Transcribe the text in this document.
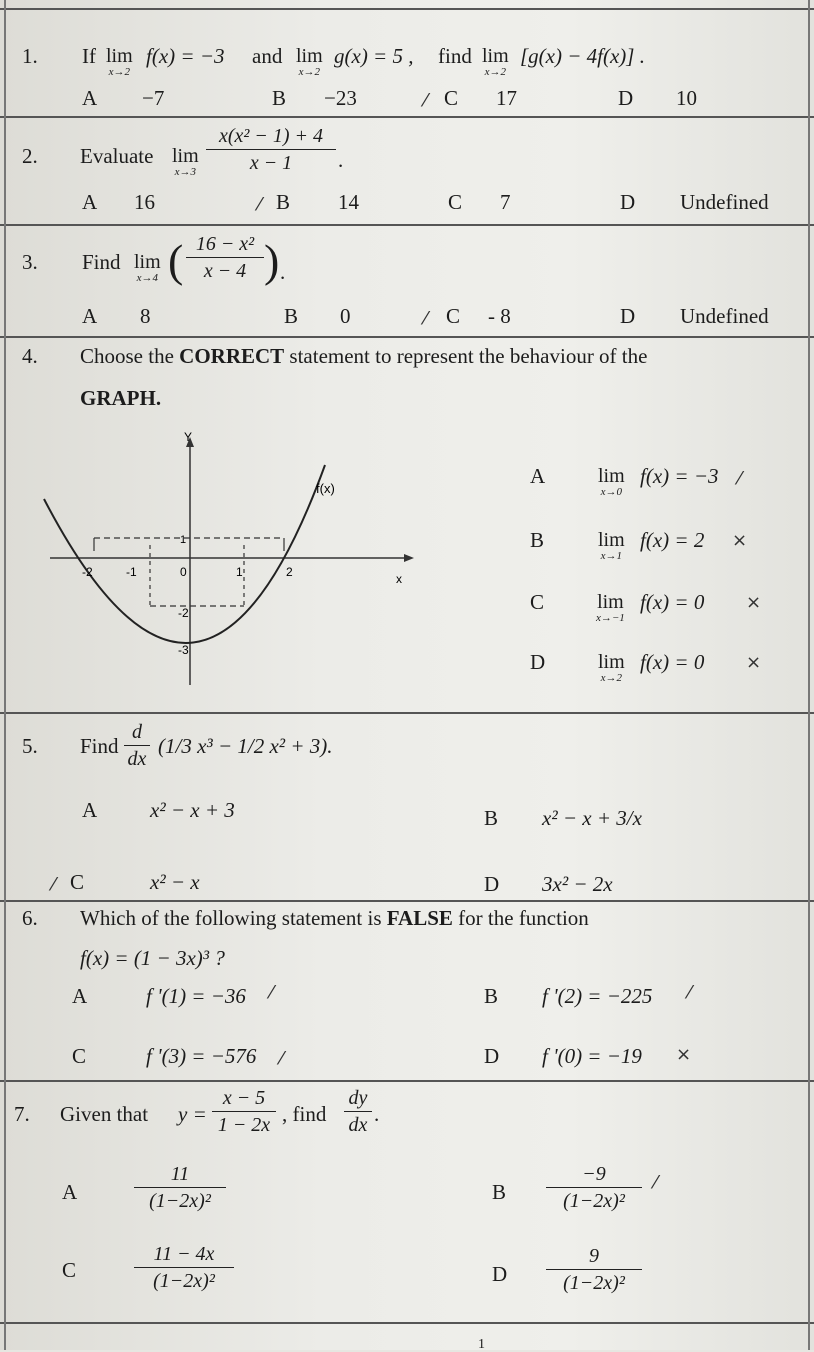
1. If lim
x→2
f(x) = −3 and lim
x→2
g(x) = 5 , find lim
x→2
[g(x) − 4f(x)] .
A −7	B −23	⁄ C 17	D 10
2. Evaluate lim
$x\to 3 \frac{\text{x(x² − 1) + 4}}{x - 1}$ .
A 16	⁄ B 14	C 7	D Undefined
3. Find lim
x→4 ( $\frac{\text{16 − x²}}{x - 4}$ ) .
A 8	B 0	⁄ C - 8	D Undefined
4. Choose the CORRECT statement to represent the behaviour of the
GRAPH.
Y
x
f(x)
-2	-1	0	1	2
1
-2
-3
A	lim
x→0
f(x) = −3 ⁄
B	lim
x→1
f(x) = 2 ×
C	lim
x→−1
f(x) = 0 ×
D	lim
x→2
f(x) = 0 ×
5. Find $\frac{d}{dx} (1/3$ x³ − 1/2 x² + 3).
A	x² − x + 3	B x² − x + 3/x
⁄ C	x² − x	D 3x² − 2x
6. Which of the following statement is FALSE for the function
f(x) = (1 − 3x)³ ?
A	f '(1) = −36 ⁄	B f '(2) = −225 ⁄
C	f '(3) = −576 ⁄	D f '(0) = −19 ×
7. Given that $y = \frac{x - 5}{1 - 2x}$ , find $\frac{dy}{dx}$ .
A	$\frac{11}{\text{(1−2x)²}}$	B $\frac{-9}{\text{(1−2x)²}}$ ⁄
C	$\frac{11 - 4x}{\text{(1−2x)²}}$	D $\frac{9}{\text{(1−2x)²}}$
1
